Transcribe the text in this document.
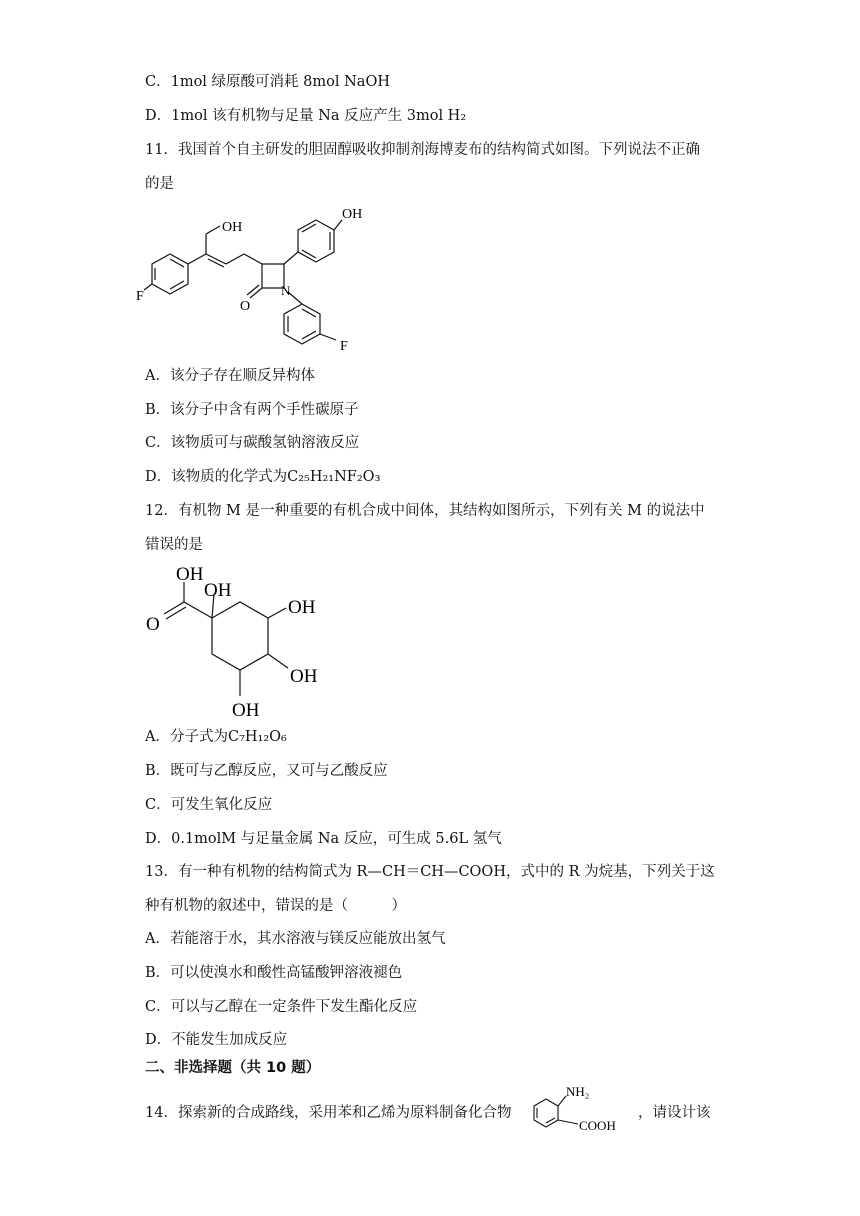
C．1mol 绿原酸可消耗 8mol NaOH
D．1mol 该有机物与足量 Na 反应产生 3mol H₂
11．我国首个自主研发的胆固醇吸收抑制剂海博麦布的结构简式如图。下列说法不正确
的是
OH
OH
F
F
O
N
A．该分子存在顺反异构体
B．该分子中含有两个手性碳原子
C．该物质可与碳酸氢钠溶液反应
D．该物质的化学式为C₂₅H₂₁NF₂O₃
12．有机物 M 是一种重要的有机合成中间体，其结构如图所示，下列有关 M 的说法中
错误的是
OH
O
OH
OH
OH
OH
A．分子式为C₇H₁₂O₆
B．既可与乙醇反应，又可与乙酸反应
C．可发生氧化反应
D．0.1molM 与足量金属 Na 反应，可生成 5.6L 氢气
13．有一种有机物的结构简式为 R—CH＝CH—COOH，式中的 R 为烷基，下列关于这
种有机物的叙述中，错误的是（　　　）
A．若能溶于水，其水溶液与镁反应能放出氢气
B．可以使溴水和酸性高锰酸钾溶液褪色
C．可以与乙醇在一定条件下发生酯化反应
D．不能发生加成反应
二、非选择题（共 10 题）
14．探索新的合成路线，采用苯和乙烯为原料制备化合物
NH₂
COOH
，请设计该
